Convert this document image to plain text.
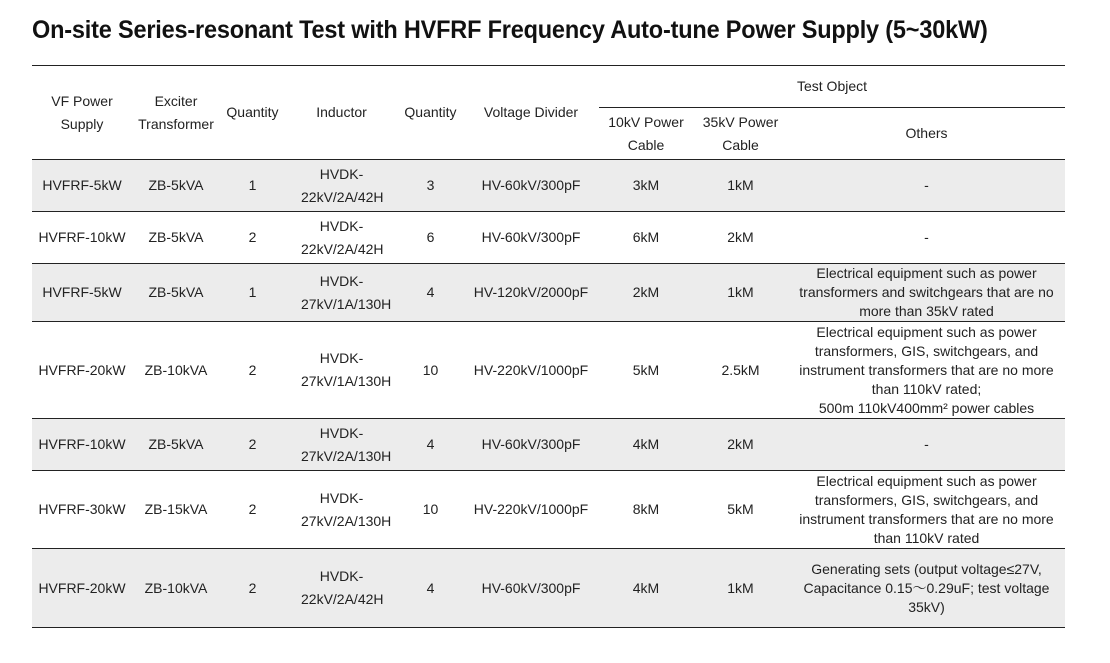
On-site Series-resonant Test with HVFRF Frequency Auto-tune Power Supply (5~30kW)
VF Power Supply	Exciter Transformer	Quantity	Inductor	Quantity	Voltage Divider	Test Object		
						10kV Power Cable	35kV Power Cable	Others
HVFRF-5kW	ZB-5kVA	1	HVDK-22kV/2A/42H	3	HV-60kV/300pF	3kM	1kM	-

HVFRF-10kW	ZB-5kVA	2	HVDK-22kV/2A/42H	6	HV-60kV/300pF	6kM	2kM	-

HVFRF-5kW	ZB-5kVA	1	HVDK-27kV/1A/130H	4	HV-120kV/2000pF	2kM	1kM	Electrical equipment such as power transformers and switchgears that are no more than 35kV rated

HVFRF-20kW	ZB-10kVA	2	HVDK-27kV/1A/130H	10	HV-220kV/1000pF	5kM	2.5kM	Electrical equipment such as power transformers, GIS, switchgears, and instrument transformers that are no more than 110kV rated;
500m 110kV400mm² power cables

HVFRF-10kW	ZB-5kVA	2	HVDK-27kV/2A/130H	4	HV-60kV/300pF	4kM	2kM	-

HVFRF-30kW	ZB-15kVA	2	HVDK-27kV/2A/130H	10	HV-220kV/1000pF	8kM	5kM	Electrical equipment such as power transformers, GIS, switchgears, and instrument transformers that are no more than 110kV rated

HVFRF-20kW	ZB-10kVA	2	HVDK-22kV/2A/42H	4	HV-60kV/300pF	4kM	1kM	Generating sets (output voltage≤27V, Capacitance 0.15～0.29uF; test voltage 35kV)
